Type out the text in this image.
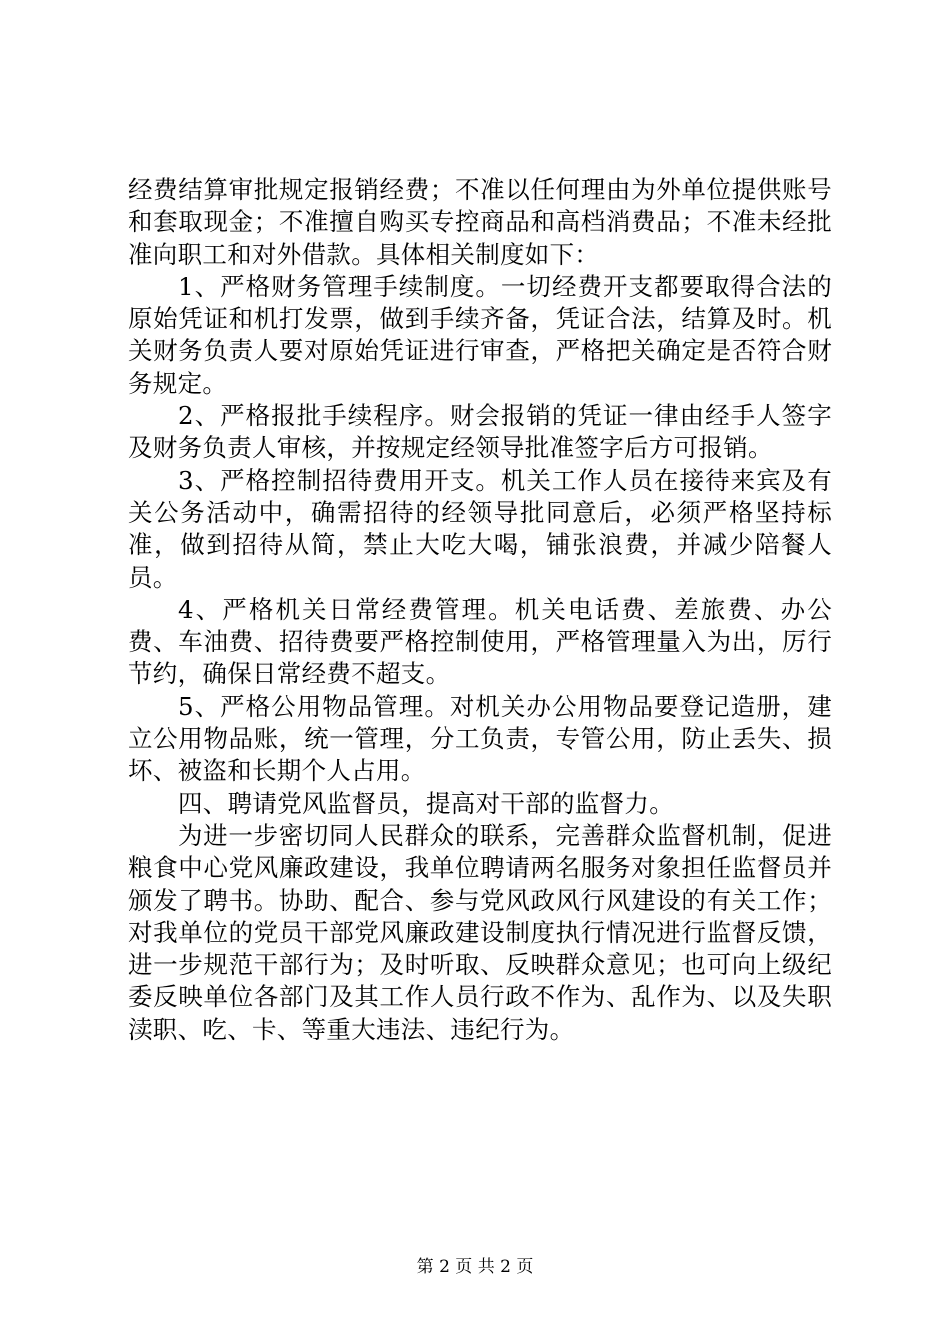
经费结算审批规定报销经费；不准以任何理由为外单位提供账号和套取现金；不准擅自购买专控商品和高档消费品；不准未经批准向职工和对外借款。具体相关制度如下：

1、严格财务管理手续制度。一切经费开支都要取得合法的原始凭证和机打发票，做到手续齐备，凭证合法，结算及时。机关财务负责人要对原始凭证进行审查，严格把关确定是否符合财务规定。

2、严格报批手续程序。财会报销的凭证一律由经手人签字及财务负责人审核，并按规定经领导批准签字后方可报销。

3、严格控制招待费用开支。机关工作人员在接待来宾及有关公务活动中，确需招待的经领导批同意后，必须严格坚持标准，做到招待从简，禁止大吃大喝，铺张浪费，并减少陪餐人员。

4、严格机关日常经费管理。机关电话费、差旅费、办公费、车油费、招待费要严格控制使用，严格管理量入为出，厉行节约，确保日常经费不超支。

5、严格公用物品管理。对机关办公用物品要登记造册，建立公用物品账，统一管理，分工负责，专管公用，防止丢失、损坏、被盗和长期个人占用。

四、聘请党风监督员，提高对干部的监督力。

为进一步密切同人民群众的联系，完善群众监督机制，促进粮食中心党风廉政建设，我单位聘请两名服务对象担任监督员并颁发了聘书。协助、配合、参与党风政风行风建设的有关工作；对我单位的党员干部党风廉政建设制度执行情况进行监督反馈，进一步规范干部行为；及时听取、反映群众意见；也可向上级纪委反映单位各部门及其工作人员行政不作为、乱作为、以及失职渎职、吃、卡、等重大违法、违纪行为。

第 2 页 共 2 页
